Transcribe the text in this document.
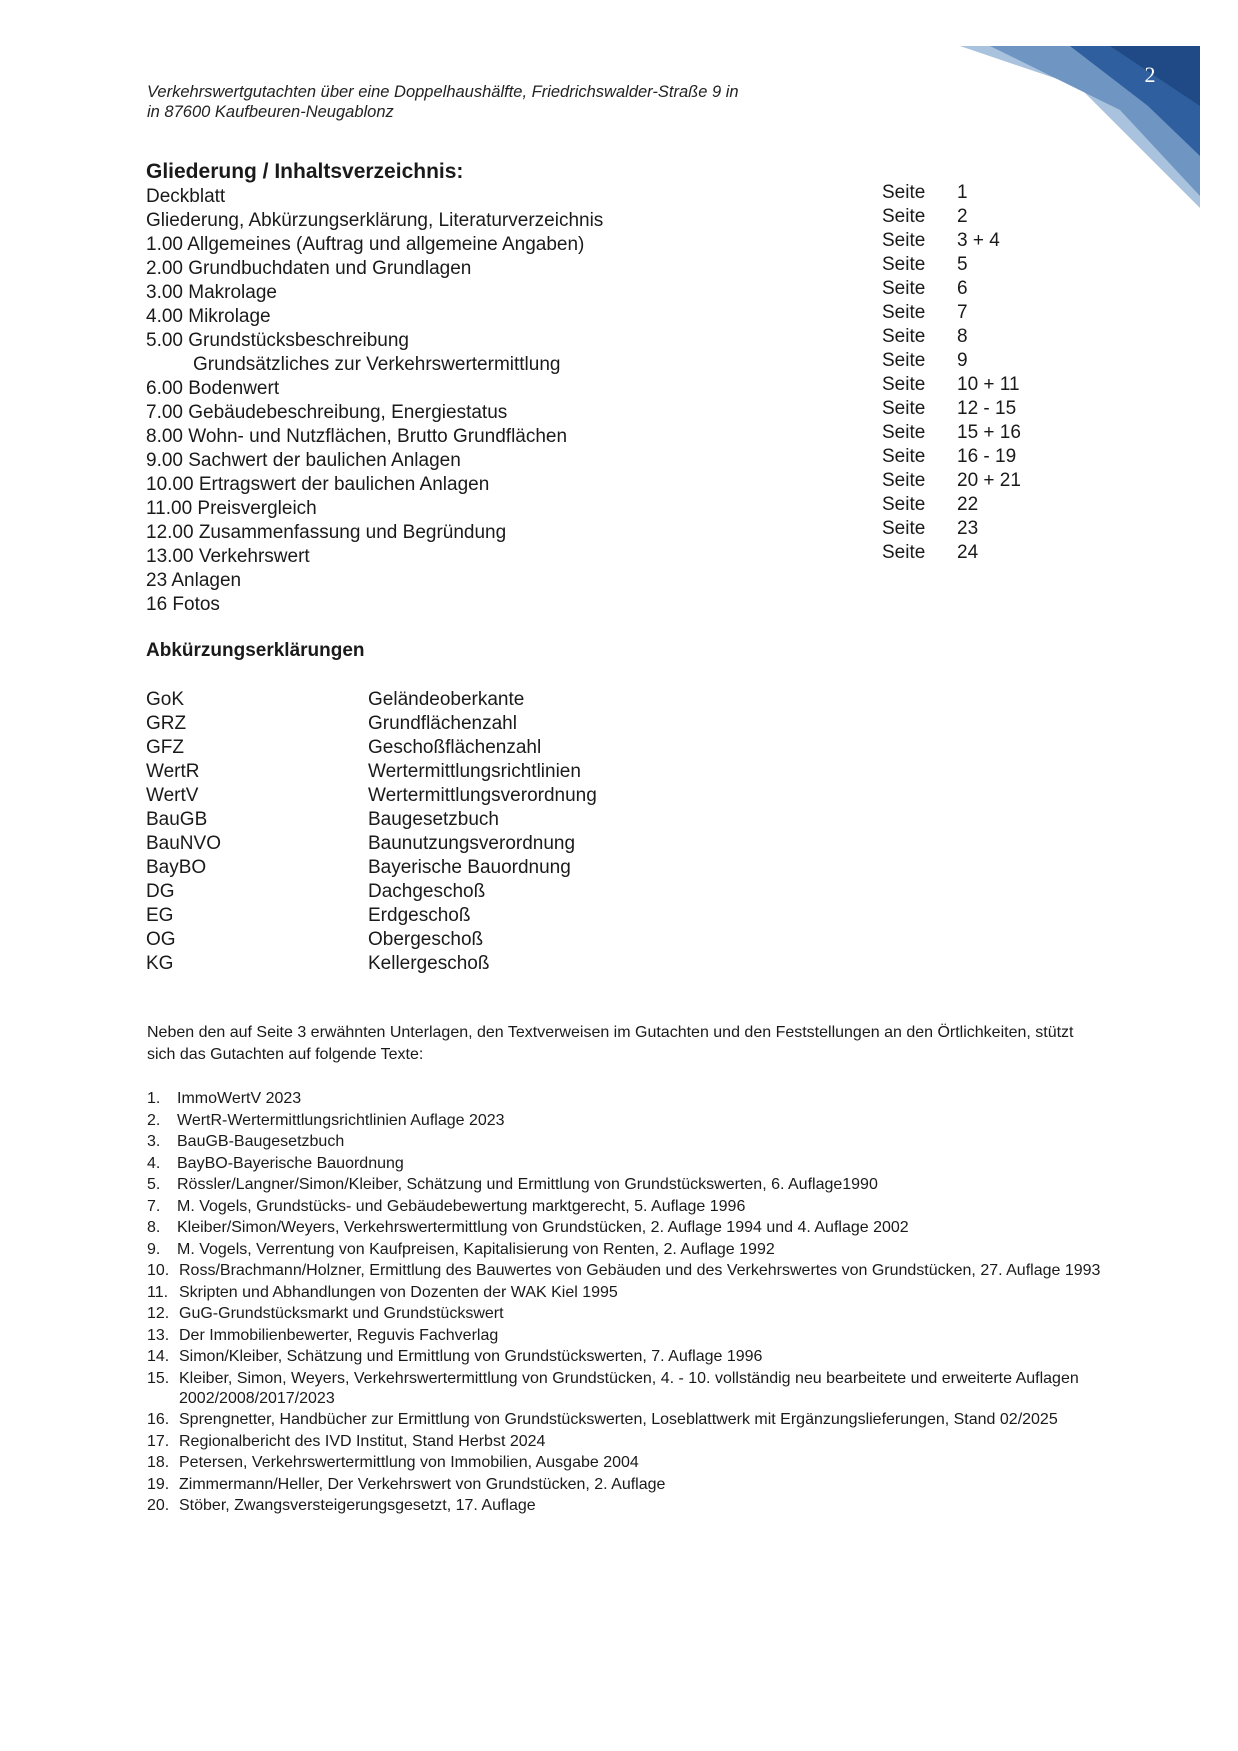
2
Verkehrswertgutachten über eine Doppelhaushälfte, Friedrichswalder-Straße 9 in
in 87600 Kaufbeuren-Neugablonz
Gliederung / Inhaltsverzeichnis:
Deckblatt	Seite 1
Gliederung, Abkürzungserklärung, Literaturverzeichnis	Seite 2
1.00 Allgemeines (Auftrag und allgemeine Angaben)	Seite 3 + 4
2.00 Grundbuchdaten und Grundlagen	Seite 5
3.00 Makrolage	Seite 6
4.00 Mikrolage	Seite 7
5.00 Grundstücksbeschreibung	Seite 8
Grundsätzliches zur Verkehrswertermittlung	Seite 9
6.00 Bodenwert	Seite 10 + 11
7.00 Gebäudebeschreibung, Energiestatus	Seite 12 - 15
8.00 Wohn- und Nutzflächen, Brutto Grundflächen	Seite 15 + 16
9.00 Sachwert der baulichen Anlagen	Seite 16 - 19
10.00 Ertragswert der baulichen Anlagen	Seite 20 + 21
11.00 Preisvergleich	Seite 22
12.00 Zusammenfassung und Begründung	Seite 23
13.00 Verkehrswert	Seite 24
23 Anlagen
16 Fotos
Abkürzungserklärungen
GoK	Geländeoberkante
GRZ	Grundflächenzahl
GFZ	Geschoßflächenzahl
WertR	Wertermittlungsrichtlinien
WertV	Wertermittlungsverordnung
BauGB	Baugesetzbuch
BauNVO	Baunutzungsverordnung
BayBO	Bayerische Bauordnung
DG	Dachgeschoß
EG	Erdgeschoß
OG	Obergeschoß
KG	Kellergeschoß
Neben den auf Seite 3 erwähnten Unterlagen, den Textverweisen im Gutachten und den Feststellungen an den Örtlichkeiten, stützt sich das Gutachten auf folgende Texte:
1. ImmoWertV 2023
2. WertR-Wertermittlungsrichtlinien Auflage 2023
3. BauGB-Baugesetzbuch
4. BayBO-Bayerische Bauordnung
5. Rössler/Langner/Simon/Kleiber, Schätzung und Ermittlung von Grundstückswerten, 6. Auflage1990
7. M. Vogels, Grundstücks- und Gebäudebewertung marktgerecht, 5. Auflage 1996
8. Kleiber/Simon/Weyers, Verkehrswertermittlung von Grundstücken, 2. Auflage 1994 und 4. Auflage 2002
9. M. Vogels, Verrentung von Kaufpreisen, Kapitalisierung von Renten, 2. Auflage 1992
10. Ross/Brachmann/Holzner, Ermittlung des Bauwertes von Gebäuden und des Verkehrswertes von Grundstücken, 27. Auflage 1993
11. Skripten und Abhandlungen von Dozenten der WAK Kiel 1995
12. GuG-Grundstücksmarkt und Grundstückswert
13. Der Immobilienbewerter, Reguvis Fachverlag
14. Simon/Kleiber, Schätzung und Ermittlung von Grundstückswerten, 7. Auflage 1996
15. Kleiber, Simon, Weyers, Verkehrswertermittlung von Grundstücken, 4. - 10. vollständig neu bearbeitete und erweiterte Auflagen 2002/2008/2017/2023
16. Sprengnetter, Handbücher zur Ermittlung von Grundstückswerten, Loseblattwerk mit Ergänzungslieferungen, Stand 02/2025
17. Regionalbericht des IVD Institut, Stand Herbst 2024
18. Petersen, Verkehrswertermittlung von Immobilien, Ausgabe 2004
19. Zimmermann/Heller, Der Verkehrswert von Grundstücken, 2. Auflage
20. Stöber, Zwangsversteigerungsgesetzt, 17. Auflage
